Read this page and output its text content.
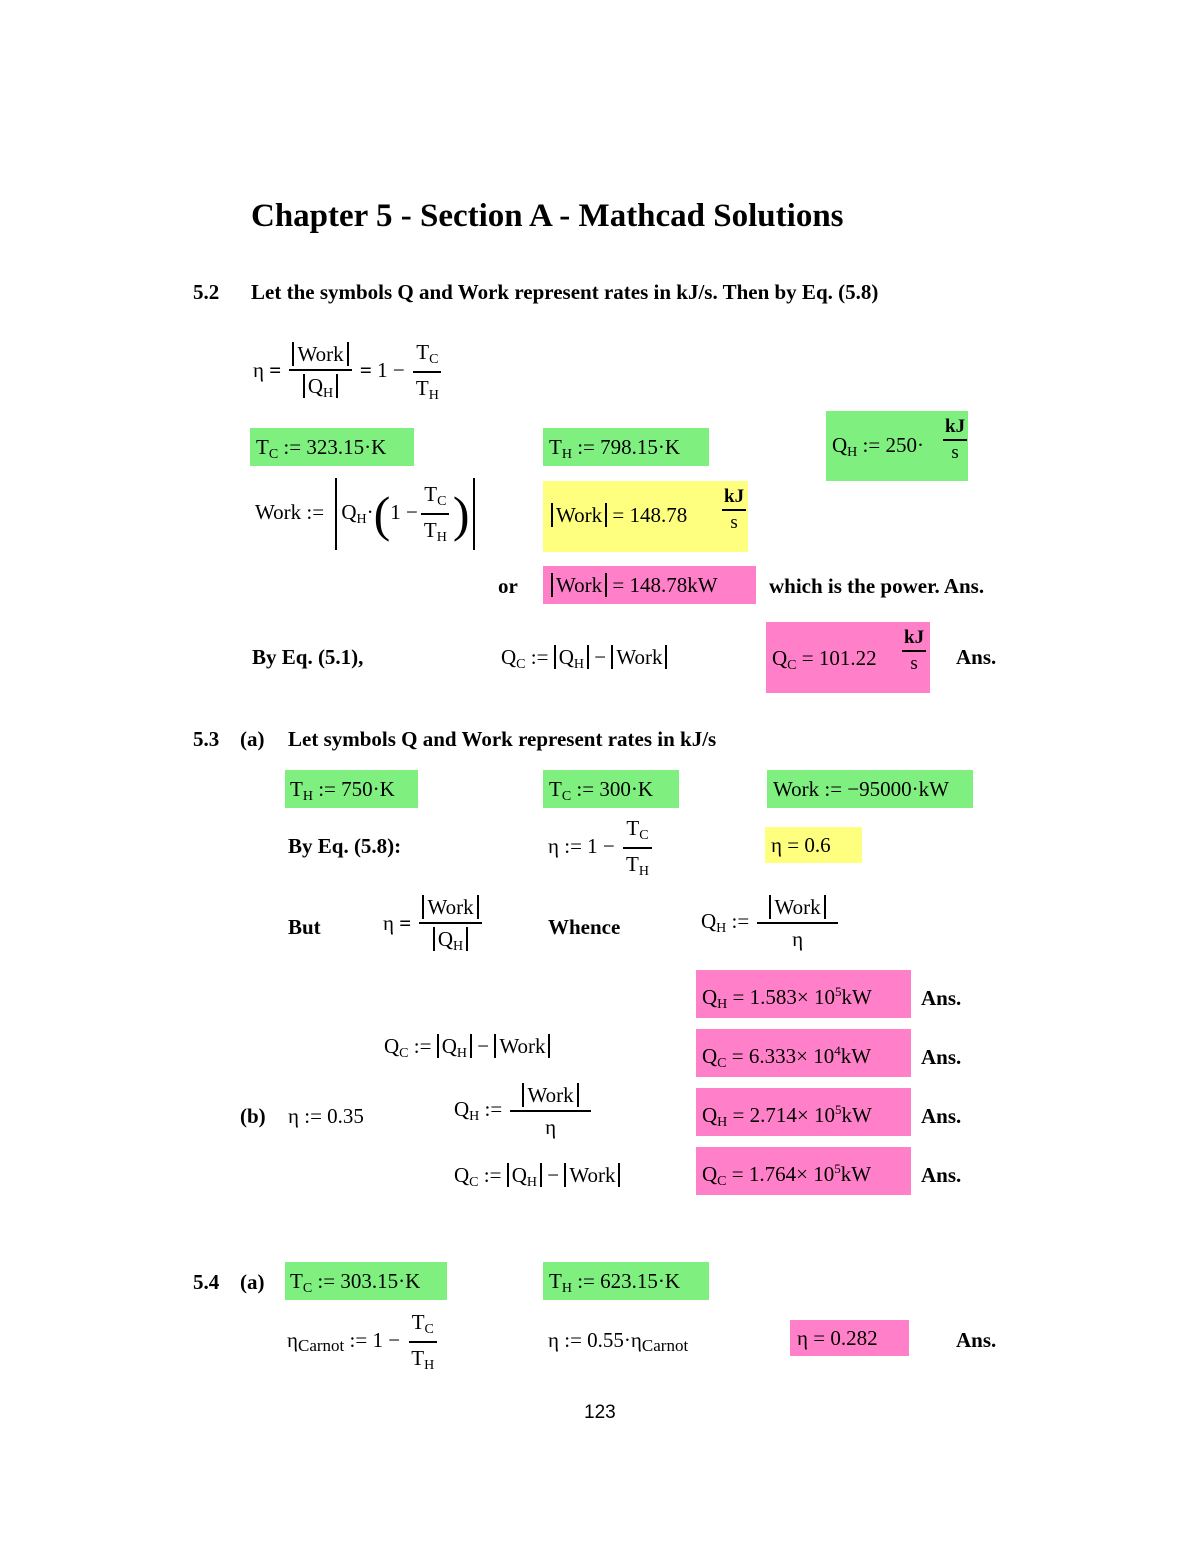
Chapter 5 - Section A - Mathcad Solutions
5.2 Let the symbols Q and Work represent rates in kJ/s. Then by Eq. (5.8)
$\eta = \frac{\text{Work}}{Q_H} = 1 - \frac{T_C}{T_H}$
$T_C$ := 323.15·K	$T_H$ := 798.15·K	$Q_H$ := 250·
kJ
s
Work := $Q_H\cdot(1 - \frac{T_C}{T_H}$ )	Work = 148.78
kJ
s
or	Work = 148.78kW	which is the power. Ans.
By Eq. (5.1),	$Q_C$ := $Q_H$ − Work	$Q_C = 101.22$
kJ
s Ans.
5.3 (a) Let symbols Q and Work represent rates in kJ/s
$T_H$ := 750·K	$T_C$ := 300·K	Work := −95000·kW
By Eq. (5.8):	η := $1 - \frac{T_C}{T_H}$	η = 0.6
But	$\eta = \frac{\text{Work}}{Q_H}$	Whence	$Q_H$ := $\frac{\text{Work}}{\eta}$
$Q_H = 1.583\times 10^5kW$ Ans.
$Q_C$ := $Q_H$ − Work	$Q_C = 6.333\times 10^4kW$ Ans.
(b) η := 0.35	$Q_H$ := $\frac{\text{Work}}{\eta}$	$Q_H = 2.714\times 10^5kW$ Ans.
$Q_C$ := $Q_H$ − Work	$Q_C = 1.764\times 10^5kW$ Ans.
5.4 (a) $T_C$ := 303.15·K	$T_H$ := 623.15·K
$\eta_{Carnot}$ := $1 - \frac{T_C}{T_H}$	η := $0.55\cdot\eta_{Carnot}$	η = 0.282	Ans.
123
